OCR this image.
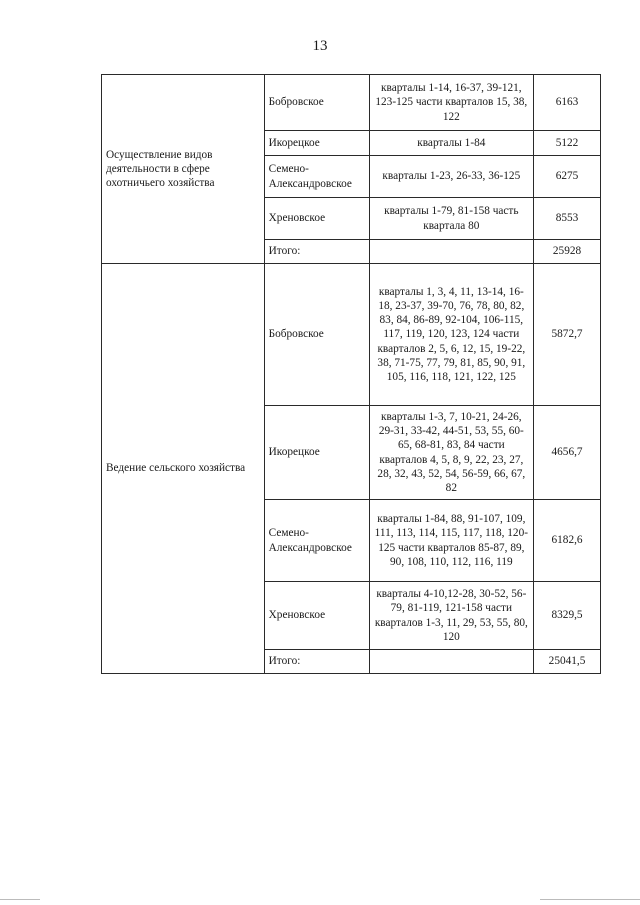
13
Осуществление видов деятельности в сфере охотничьего хозяйства	Бобровское	кварталы 1-14, 16-37, 39-121, 123-125 части кварталов 15, 38, 122	6163
	Икорецкое	кварталы 1-84	5122
	Семено-Александровское	кварталы 1-23, 26-33, 36-125	6275
	Хреновское	кварталы 1-79, 81-158 часть квартала 80	8553
	Итого:		25928
Ведение сельского хозяйства	Бобровское	кварталы 1, 3, 4, 11, 13-14, 16-18, 23-37, 39-70, 76, 78, 80, 82, 83, 84, 86-89, 92-104, 106-115, 117, 119, 120, 123, 124 части кварталов 2, 5, 6, 12, 15, 19-22, 38, 71-75, 77, 79, 81, 85, 90, 91, 105, 116, 118, 121, 122, 125	5872,7
	Икорецкое	кварталы 1-3, 7, 10-21, 24-26, 29-31, 33-42, 44-51, 53, 55, 60-65, 68-81, 83, 84 части кварталов 4, 5, 8, 9, 22, 23, 27, 28, 32, 43, 52, 54, 56-59, 66, 67, 82	4656,7
	Семено-Александровское	кварталы 1-84, 88, 91-107, 109, 111, 113, 114, 115, 117, 118, 120-125 части кварталов 85-87, 89, 90, 108, 110, 112, 116, 119	6182,6
	Хреновское	кварталы 4-10,12-28, 30-52, 56-79, 81-119, 121-158 части кварталов 1-3, 11, 29, 53, 55, 80, 120	8329,5
	Итого:		25041,5
